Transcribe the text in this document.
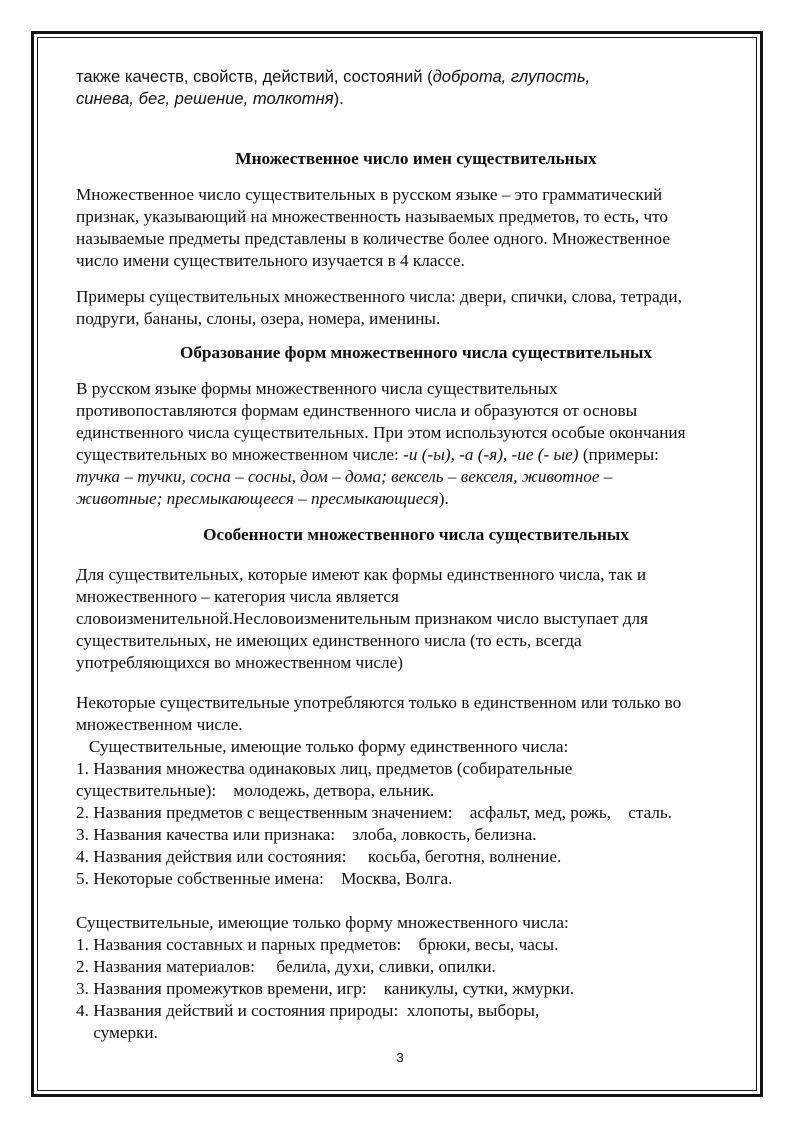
также качеств, свойств, действий, состояний (доброта, глупость,

синева, бег, решение, толкотня).

Множественное число имен существительных

Множественное число существительных в русском языке – это грамматический

признак, указывающий на множественность называемых предметов, то есть, что

называемые предметы представлены в количестве более одного. Множественное

число имени существительного изучается в 4 классе.

Примеры существительных множественного числа: двери, спички, слова, тетради,

подруги, бананы, слоны, озера, номера, именины.

Образование форм множественного числа существительных

В русском языке формы множественного числа существительных

противопоставляются формам единственного числа и образуются от основы

единственного числа существительных. При этом используются особые окончания

существительных во множественном числе: -и (-ы), -а (-я), -ие (- ые) (примеры:

тучка – тучки, сосна – сосны, дом – дома; вексель – векселя, животное –

животные; пресмыкающееся – пресмыкающиеся).

Особенности множественного числа существительных

Для существительных, которые имеют как формы единственного числа, так и

множественного – категория числа является

словоизменительной.Несловоизменительным признаком число выступает для

существительных, не имеющих единственного числа (то есть, всегда

употребляющихся во множественном числе)

Некоторые существительные употребляются только в единственном или только во

множественном числе.

Существительные, имеющие только форму единственного числа:

1. Названия множества одинаковых лиц, предметов (собирательные

существительные):    молодежь, детвора, ельник.

2. Названия предметов с вещественным значением:    асфальт, мед, рожь,    сталь.

3. Названия качества или признака:    злоба, ловкость, белизна.

4. Названия действия или состояния:     косьба, беготня, волнение.

5. Некоторые собственные имена:    Москва, Волга.

Существительные, имеющие только форму множественного числа:

1. Названия составных и парных предметов:    брюки, весы, часы.

2. Названия материалов:     белила, духи, сливки, опилки.

3. Названия промежутков времени, игр:    каникулы, сутки, жмурки.

4. Названия действий и состояния природы:  хлопоты, выборы,

сумерки.

3
